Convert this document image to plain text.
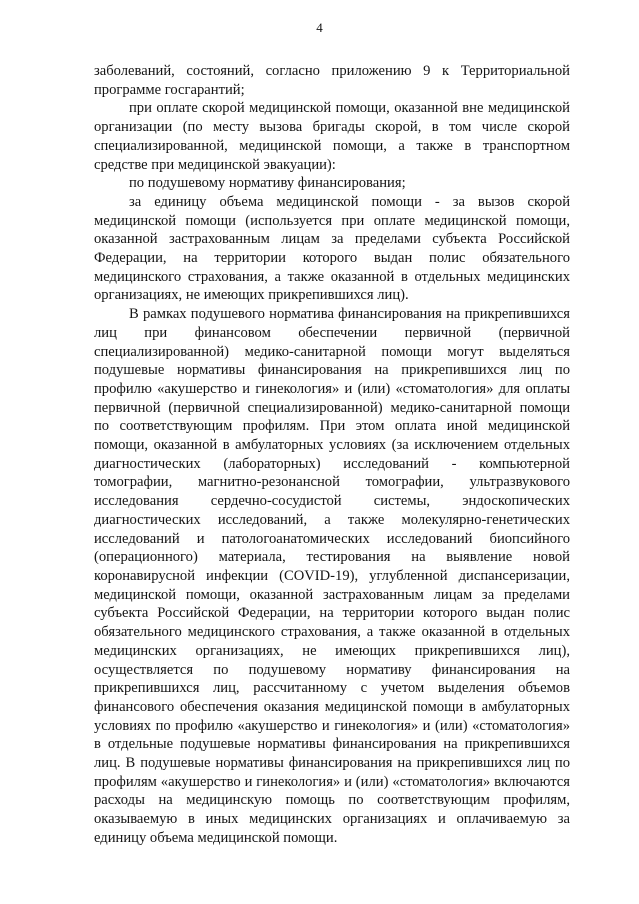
4

заболеваний, состояний, согласно приложению 9 к Территориальной программе госгарантий;

при оплате скорой медицинской помощи, оказанной вне медицинской организации (по месту вызова бригады скорой, в том числе скорой специализированной, медицинской помощи, а также в транспортном средстве при медицинской эвакуации):

по подушевому нормативу финансирования;

за единицу объема медицинской помощи - за вызов скорой медицинской помощи (используется при оплате медицинской помощи, оказанной застрахованным лицам за пределами субъекта Российской Федерации, на территории которого выдан полис обязательного медицинского страхования, а также оказанной в отдельных медицинских организациях, не имеющих прикрепившихся лиц).

В рамках подушевого норматива финансирования на прикрепившихся лиц при финансовом обеспечении первичной (первичной специализированной) медико-санитарной помощи могут выделяться подушевые нормативы финансирования на прикрепившихся лиц по профилю «акушерство и гинекология» и (или) «стоматология» для оплаты первичной (первичной специализированной) медико-санитарной помощи по соответствующим профилям. При этом оплата иной медицинской помощи, оказанной в амбулаторных условиях (за исключением отдельных диагностических (лабораторных) исследований - компьютерной томографии, магнитно-резонансной томографии, ультразвукового исследования сердечно-сосудистой системы, эндоскопических диагностических исследований, а также молекулярно-генетических исследований и патологоанатомических исследований биопсийного (операционного) материала, тестирования на выявление новой коронавирусной инфекции (COVID-19), углубленной диспансеризации, медицинской помощи, оказанной застрахованным лицам за пределами субъекта Российской Федерации, на территории которого выдан полис обязательного медицинского страхования, а также оказанной в отдельных медицинских организациях, не имеющих прикрепившихся лиц), осуществляется по подушевому нормативу финансирования на прикрепившихся лиц, рассчитанному с учетом выделения объемов финансового обеспечения оказания медицинской помощи в амбулаторных условиях по профилю «акушерство и гинекология» и (или) «стоматология» в отдельные подушевые нормативы финансирования на прикрепившихся лиц. В подушевые нормативы финансирования на прикрепившихся лиц по профилям «акушерство и гинекология» и (или) «стоматология» включаются расходы на медицинскую помощь по соответствующим профилям, оказываемую в иных медицинских организациях и оплачиваемую за единицу объема медицинской помощи.
